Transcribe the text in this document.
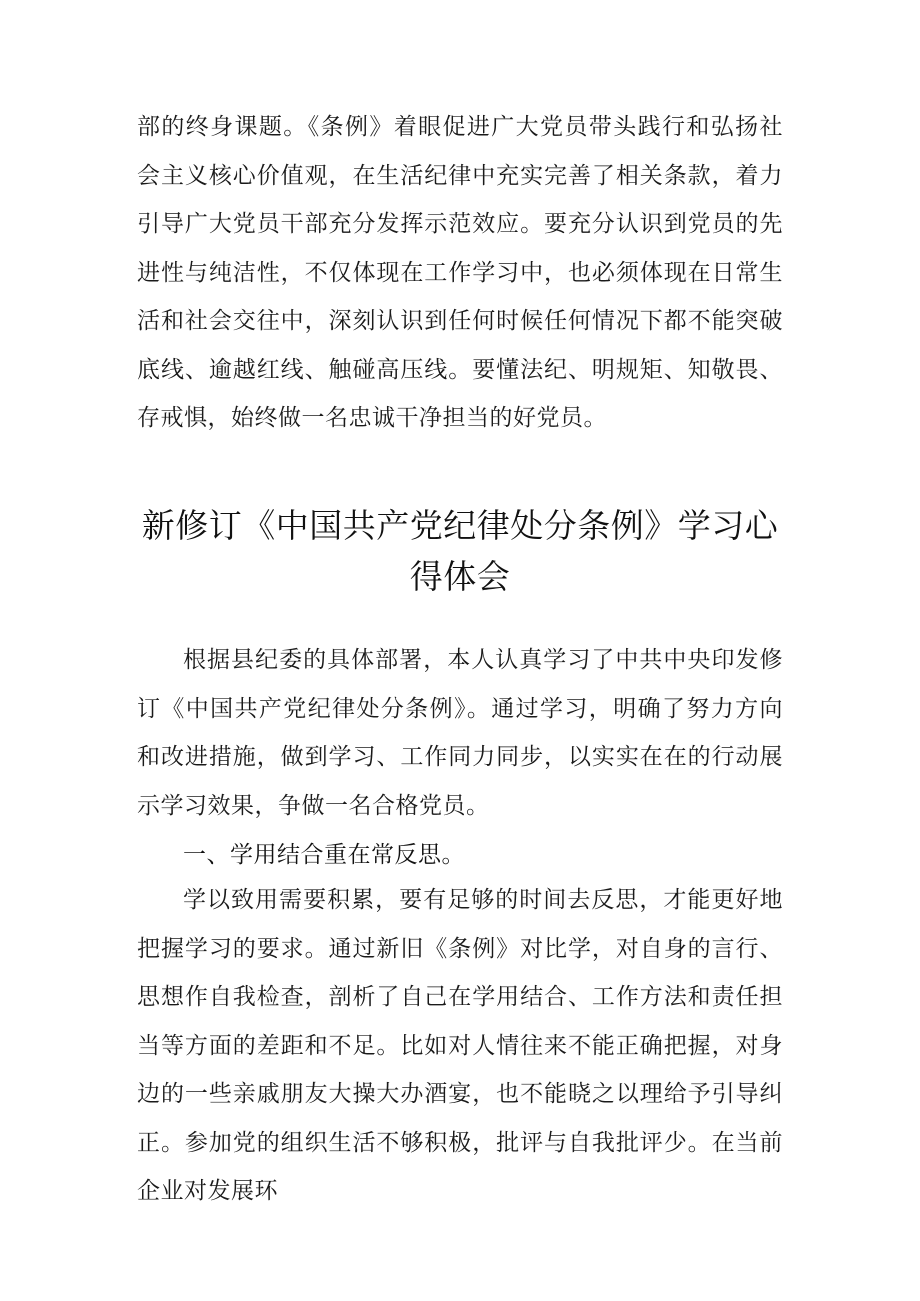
部的终身课题。《条例》着眼促进广大党员带头践行和弘扬社会主义核心价值观，在生活纪律中充实完善了相关条款，着力引导广大党员干部充分发挥示范效应。要充分认识到党员的先进性与纯洁性，不仅体现在工作学习中，也必须体现在日常生活和社会交往中，深刻认识到任何时候任何情况下都不能突破底线、逾越红线、触碰高压线。要懂法纪、明规矩、知敬畏、存戒惧，始终做一名忠诚干净担当的好党员。

新修订《中国共产党纪律处分条例》学习心得体会

根据县纪委的具体部署，本人认真学习了中共中央印发修订《中国共产党纪律处分条例》。通过学习，明确了努力方向和改进措施，做到学习、工作同力同步，以实实在在的行动展示学习效果，争做一名合格党员。

一、学用结合重在常反思。

学以致用需要积累，要有足够的时间去反思，才能更好地把握学习的要求。通过新旧《条例》对比学，对自身的言行、思想作自我检查，剖析了自己在学用结合、工作方法和责任担当等方面的差距和不足。比如对人情往来不能正确把握，对身边的一些亲戚朋友大操大办酒宴，也不能晓之以理给予引导纠正。参加党的组织生活不够积极，批评与自我批评少。在当前企业对发展环
